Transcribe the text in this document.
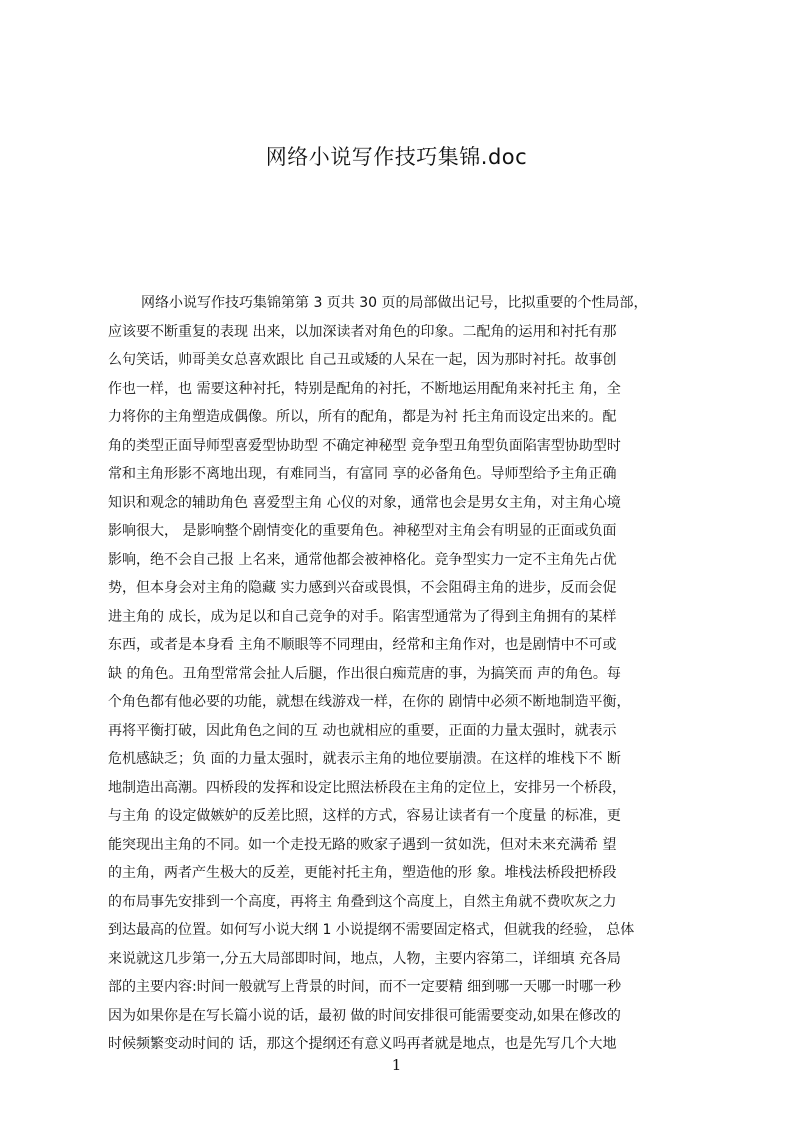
网络小说写作技巧集锦.doc
网络小说写作技巧集锦第第 3 页共 30 页的局部做出记号，比拟重要的个性局部，
应该要不断重复的表现 出来，以加深读者对角色的印象。二配角的运用和衬托有那
么句笑话，帅哥美女总喜欢跟比 自己丑或矮的人呆在一起，因为那时衬托。故事创
作也一样，也 需要这种衬托，特别是配角的衬托，不断地运用配角来衬托主 角，全
力将你的主角塑造成偶像。所以，所有的配角，都是为衬 托主角而设定出来的。配
角的类型正面导师型喜爱型协助型 不确定神秘型 竞争型丑角型负面陷害型协助型时
常和主角形影不离地出现，有难同当，有富同 享的必备角色。导师型给予主角正确
知识和观念的辅助角色 喜爱型主角 心仪的对象，通常也会是男女主角，对主角心境
影响很大， 是影响整个剧情变化的重要角色。神秘型对主角会有明显的正面或负面
影响，绝不会自己报 上名来，通常他都会被神格化。竞争型实力一定不主角先占优
势，但本身会对主角的隐藏 实力感到兴奋或畏惧，不会阻碍主角的进步，反而会促
进主角的 成长，成为足以和自己竞争的对手。陷害型通常为了得到主角拥有的某样
东西，或者是本身看 主角不顺眼等不同理由，经常和主角作对，也是剧情中不可或
缺 的角色。丑角型常常会扯人后腿，作出很白痴荒唐的事，为搞笑而 声的角色。每
个角色都有他必要的功能，就想在线游戏一样，在你的 剧情中必须不断地制造平衡，
再将平衡打破，因此角色之间的互 动也就相应的重要，正面的力量太强时，就表示
危机感缺乏；负 面的力量太强时，就表示主角的地位要崩溃。在这样的堆栈下不 断
地制造出高潮。四桥段的发挥和设定比照法桥段在主角的定位上，安排另一个桥段，
与主角 的设定做嫉妒的反差比照，这样的方式，容易让读者有一个度量 的标准，更
能突现出主角的不同。如一个走投无路的败家子遇到一贫如洗，但对未来充满希 望
的主角，两者产生极大的反差，更能衬托主角，塑造他的形 象。堆栈法桥段把桥段
的布局事先安排到一个高度，再将主 角叠到这个高度上，自然主角就不费吹灰之力
到达最高的位置。如何写小说大纲 1 小说提纲不需要固定格式，但就我的经验， 总体
来说就这几步第一,分五大局部即时间，地点，人物，主要内容第二，详细填 充各局
部的主要内容:时间一般就写上背景的时间，而不一定要精 细到哪一天哪一时哪一秒
因为如果你是在写长篇小说的话，最初 做的时间安排很可能需要变动,如果在修改的
时候频繁变动时间的 话，那这个提纲还有意义吗再者就是地点，也是先写几个大地
1
